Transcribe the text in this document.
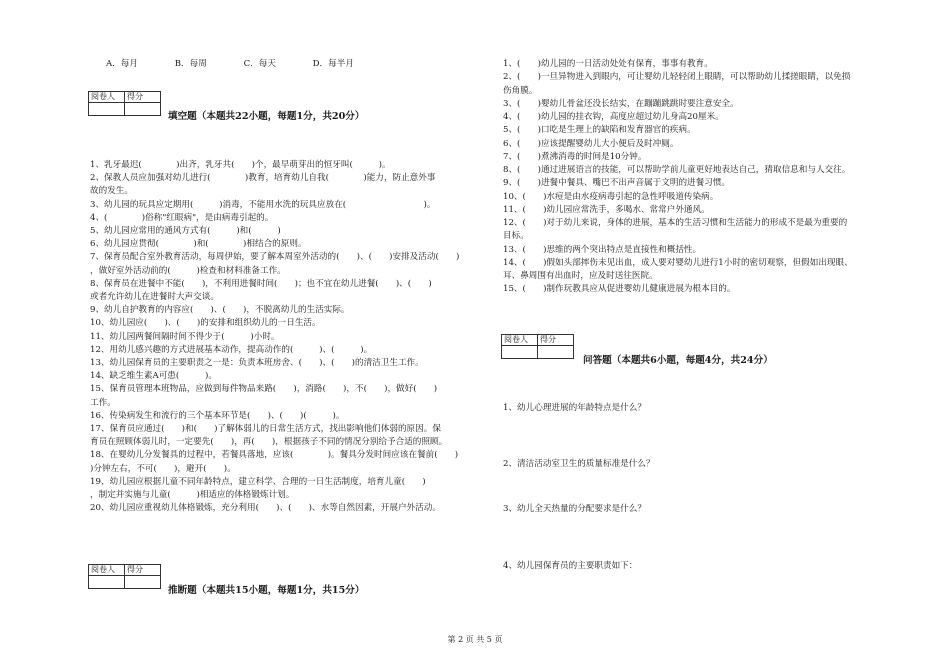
A．每月	B．每周	C．每天	D．每半月
阅卷人	得分

填空题（本题共22小题，每题1分，共20分）
1、乳牙最迟(　　　　)出齐，乳牙共(　　)个，最早萌芽出的恒牙叫(　　　)。
2、保教人员应加强对幼儿进行(　　　　)教育，培育幼儿自我(　　　　)能力，防止意外事
故的发生。
3、幼儿园的玩具应定期用(　　　)消毒，不能用水洗的玩具应放在(　　　　　　　　　)。
4、(　　　　)俗称"红眼病"，是由病毒引起的。
5、幼儿园应常用的通风方式有(　　　)和(　　　)
6、幼儿园应贯彻(　　　　)和(　　　　)相结合的原则。
7、保育员配合室外教育活动，每周伊始，要了解本周室外活动的(　　)、(　　)安排及活动(　　)
，做好室外活动前的(　　　)检查和材料准备工作。
8、保育员在进餐中不能(　　)，不利用进餐时间(　　)；也不宜在幼儿进餐(　　)、(　　)
或者允许幼儿在进餐时大声交谈。
9、幼儿自护教育的内容应(　　)、(　　)，不脱离幼儿的生活实际。
10、幼儿园应(　　)、(　　)的安排和组织幼儿的一日生活。
11、幼儿园两餐间隔时间不得少于(　　　)小时。
12、用幼儿感兴趣的方式进展基本动作，提高动作的(　　　)、(　　　)。
13、幼儿园保育员的主要职责之一是：负责本班房舍、(　　)、(　　)的清洁卫生工作。
14、缺乏维生素A可患(　　　)。
15、保育员管理本班物品，应做到每件物品来路(　　)，消路(　　)，不(　　)，做好(　　)
工作。
16、传染病发生和流行的三个基本环节是(　　)、(　　)(　　　)。
17、保育员应通过(　　)和(　　)了解体弱儿的日常生活方式，找出影响他们体弱的原因。保
育员在照顾体弱儿时，一定要先(　　)，再(　　)，根据孩子不同的情况分别给予合适的照顾。
18、在婴幼儿分发餐具的过程中，若餐具落地，应该(　　　　)。餐具分发时间应该在餐前(　　)
)分钟左右，不可(　　)，避开(　　)。
19、幼儿园应根据儿童不同年龄特点，建立科学、合理的一日生活制度，培育儿童(　　)
，制定并实施与儿童(　　　)相适应的体格锻炼计划。
20、幼儿园应重视幼儿体格锻炼，充分利用(　　)、(　　)、水等自然因素，开展户外活动。
阅卷人	得分

推断题（本题共15小题，每题1分，共15分）
1、(　　)幼儿园的一日活动处处有保育，事事有教育。
2、(　　)一旦异物进入到眼内，可让婴幼儿轻轻闭上眼睛，可以帮助幼儿揉搓眼睛，以免损
伤角膜。
3、(　　)婴幼儿骨盆还没长结实，在蹦蹦跳跳时要注意安全。
4、(　　)幼儿园的挂衣钩，高度应超过幼儿身高20厘米。
5、(　　)口吃是生理上的缺陷和发育器官的疾病。
6、(　　)应该提醒婴幼儿大小便后及时冲厕。
7、(　　)煮沸消毒的时间是10分钟。
8、(　　)通过进展语言的技能，可以帮助学前儿童更好地表达自己，猜取信息和与人交往。
9、(　　)进餐中餐具、嘴巴不出声音属于文明的进餐习惯。
10、(　　)水痘是由水疫病毒引起的急性呼吸道传染病。
11、(　　)幼儿园应常洗手，多喝水、常常户外通风。
12、(　　)对于幼儿来说，身体的进展，基本的生活习惯和生活能力的形成不是最为重要的
目标。
13、(　　)思维的两个突出特点是直接性和概括性。
14、(　　)假如头部摔伤未见出血，成人要对婴幼儿进行1小时的密切观察，但假如出现眼、
耳、鼻周围有出血时，应及时送往医院。
15、(　　)制作玩教具应从促进婴幼儿健康进展为根本目的。
阅卷人	得分

问答题（本题共6小题，每题4分，共24分）
1、幼儿心理进展的年龄特点是什么？
2、清洁活动室卫生的质量标准是什么？
3、幼儿全天热量的分配要求是什么？
4、幼儿园保育员的主要职责如下：
第 2 页 共 5 页
